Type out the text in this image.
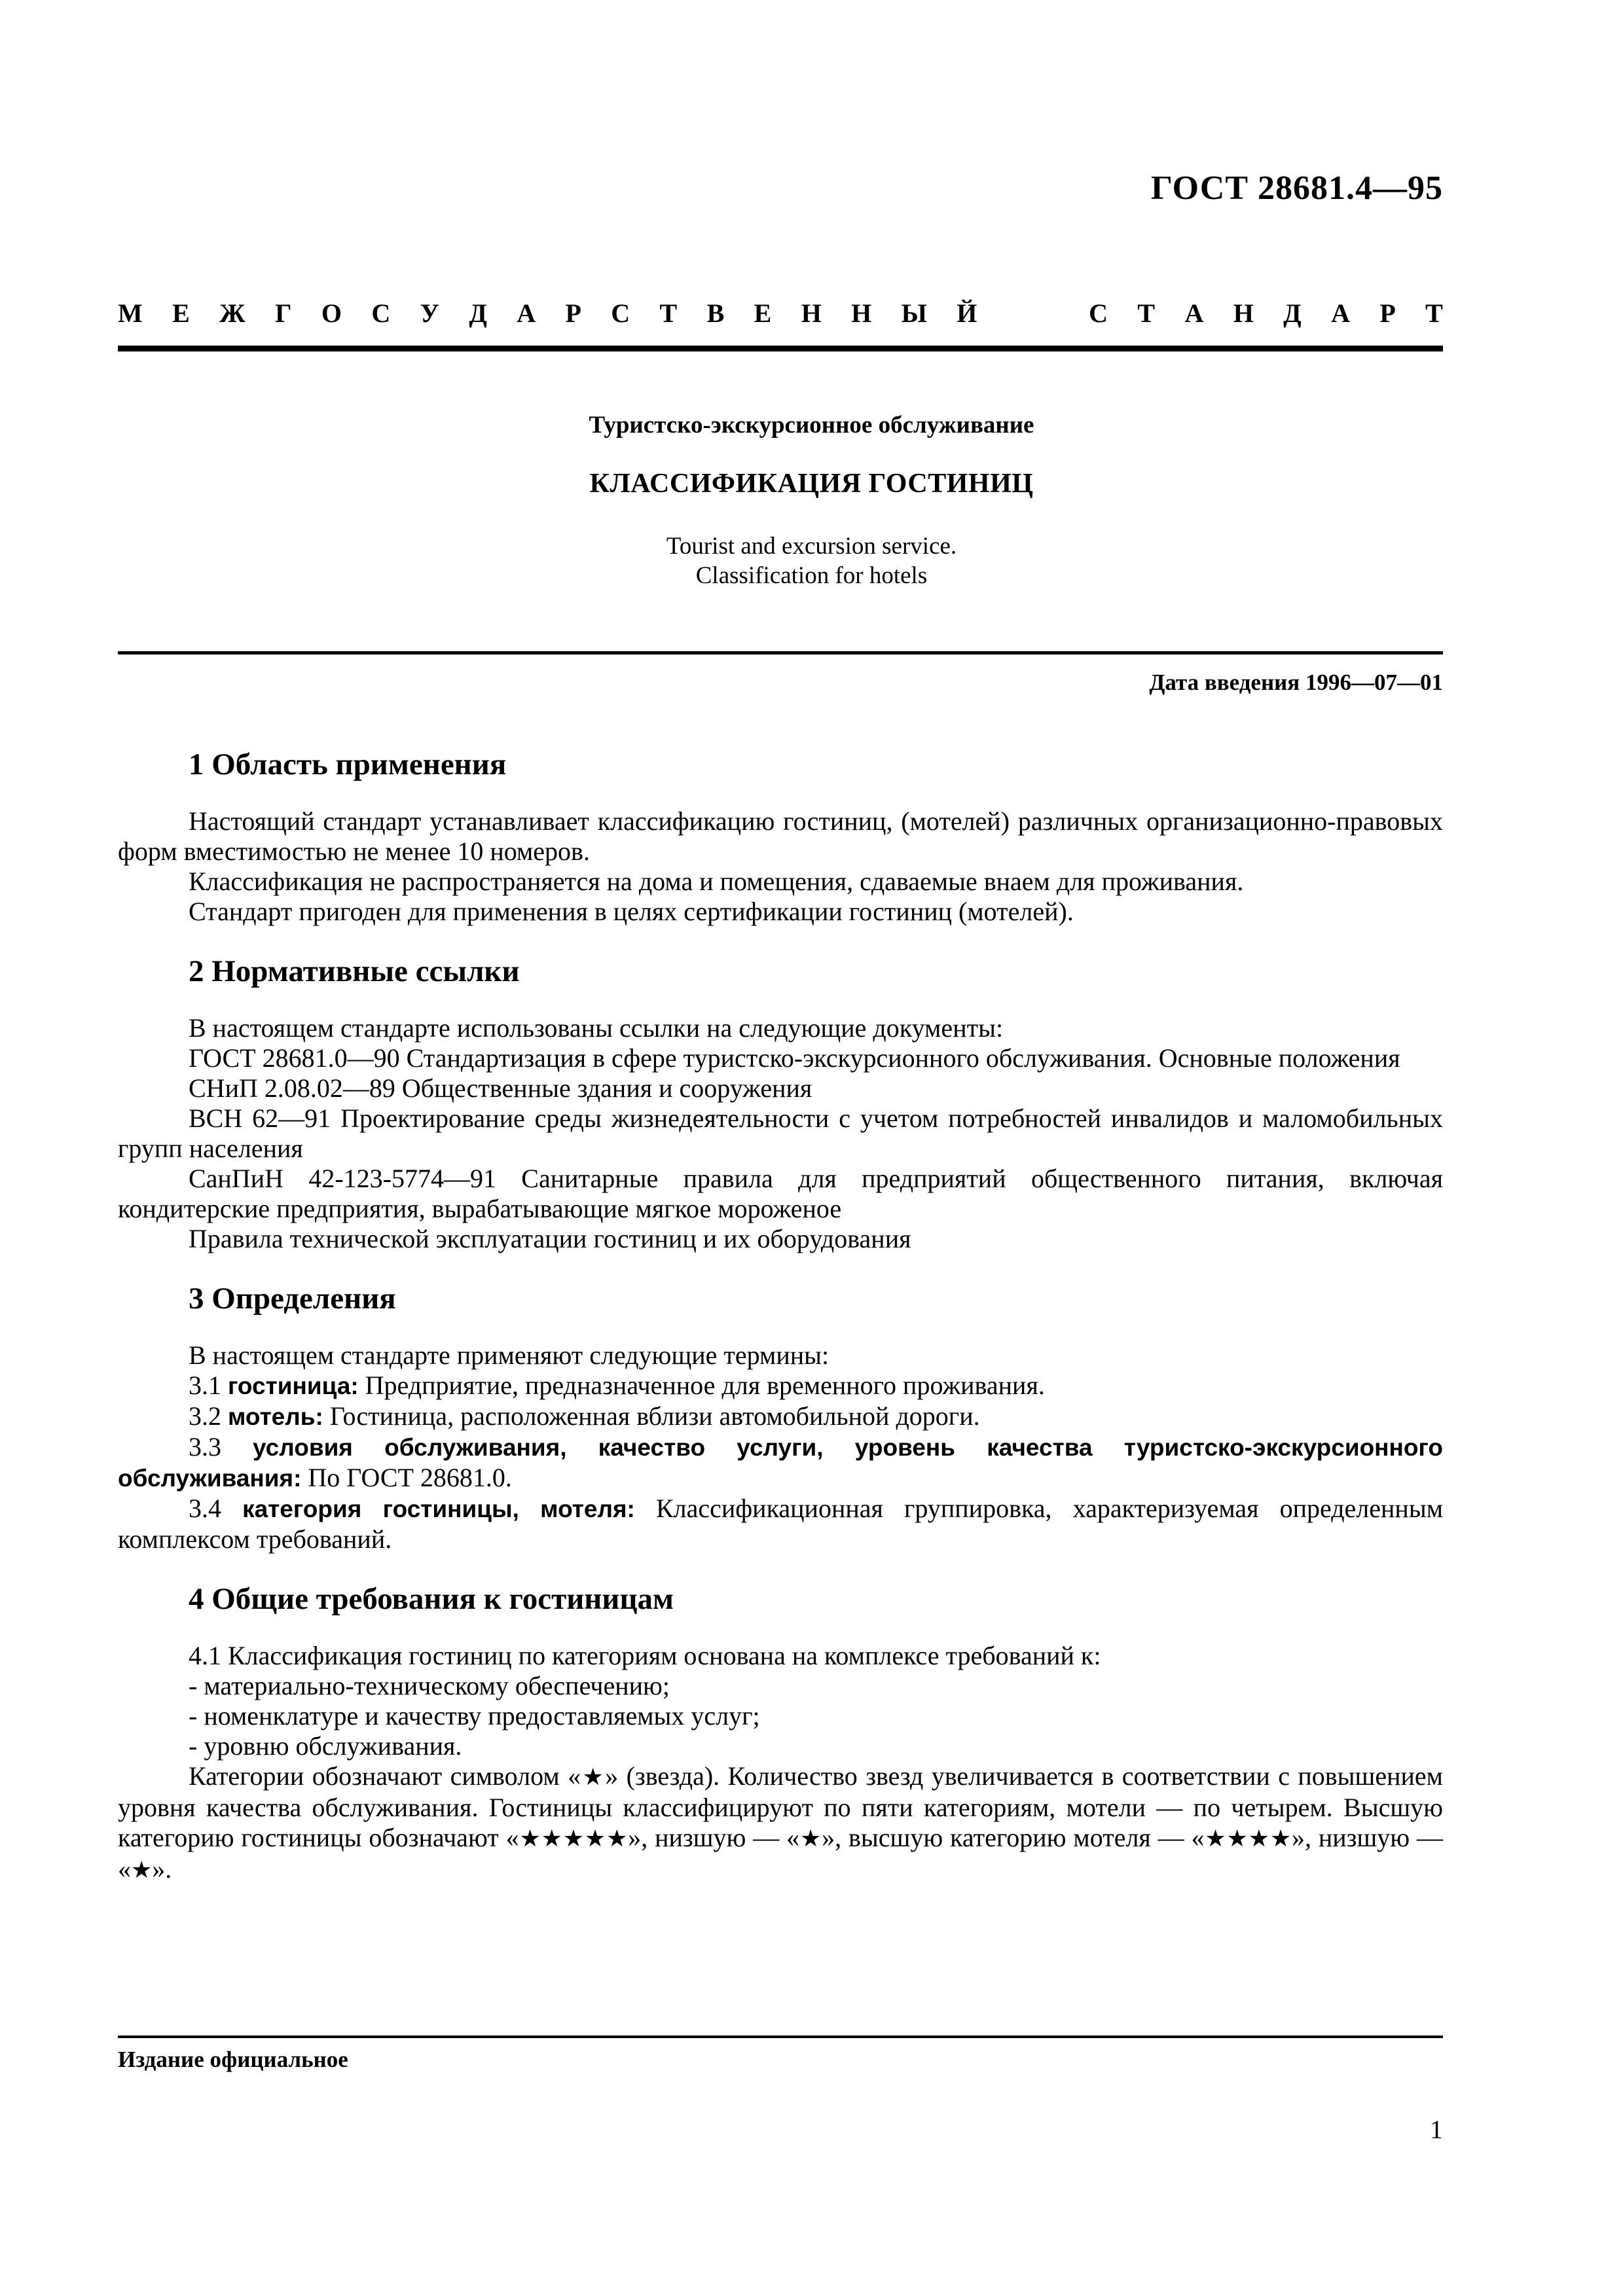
ГОСТ 28681.4—95
М Е Ж Г О С У Д А Р С Т В Е Н Н Ы Й	С Т А Н Д А Р Т
Туристско-экскурсионное обслуживание
КЛАССИФИКАЦИЯ ГОСТИНИЦ
Tourist and excursion service.
Classification for hotels
Дата введения 1996—07—01
1 Область применения

Настоящий стандарт устанавливает классификацию гостиниц, (мотелей) различных организационно-правовых форм вместимостью не менее 10 номеров.

Классификация не распространяется на дома и помещения, сдаваемые внаем для проживания.

Стандарт пригоден для применения в целях сертификации гостиниц (мотелей).

2 Нормативные ссылки

В настоящем стандарте использованы ссылки на следующие документы:

ГОСТ 28681.0—90 Стандартизация в сфере туристско-экскурсионного обслуживания. Основные положения

СНиП 2.08.02—89 Общественные здания и сооружения

ВСН 62—91 Проектирование среды жизнедеятельности с учетом потребностей инвалидов и маломобильных групп населения

СанПиН 42-123-5774—91 Санитарные правила для предприятий общественного питания, включая кондитерские предприятия, вырабатывающие мягкое мороженое

Правила технической эксплуатации гостиниц и их оборудования

3 Определения

В настоящем стандарте применяют следующие термины:

3.1 гостиница: Предприятие, предназначенное для временного проживания.

3.2 мотель: Гостиница, расположенная вблизи автомобильной дороги.

3.3 условия обслуживания, качество услуги, уровень качества туристско-экскурсионного обслуживания: По ГОСТ 28681.0.

3.4 категория гостиницы, мотеля: Классификационная группировка, характеризуемая определенным комплексом требований.

4 Общие требования к гостиницам

4.1 Классификация гостиниц по категориям основана на комплексе требований к:

- материально-техническому обеспечению;

- номенклатуре и качеству предоставляемых услуг;

- уровню обслуживания.

Категории обозначают символом «★» (звезда). Количество звезд увеличивается в соответствии с повышением уровня качества обслуживания. Гостиницы классифицируют по пяти категориям, мотели — по четырем. Высшую категорию гостиницы обозначают «★★★★★», низшую — «★», высшую категорию мотеля — «★★★★», низшую — «★».

Издание официальное
1
